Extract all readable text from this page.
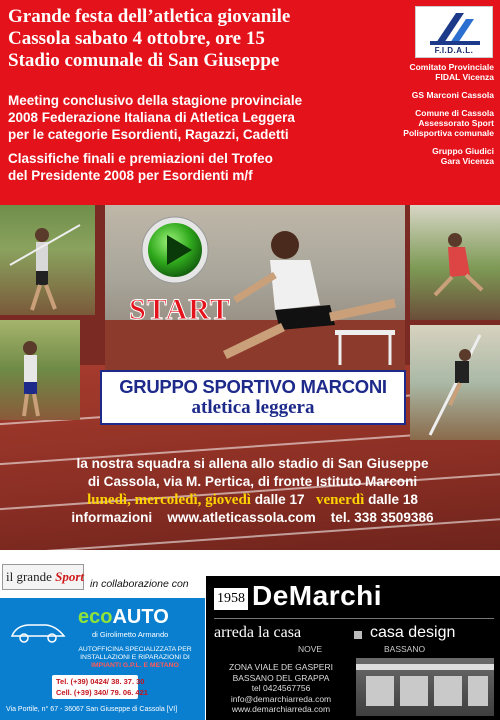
Grande festa dell’atletica giovanile
Cassola sabato 4 ottobre, ore 15
Stadio comunale di San Giuseppe
Meeting conclusivo della stagione provinciale
2008 Federazione Italiana di Atletica Leggera
per le categorie Esordienti, Ragazzi, Cadetti
Classifiche finali e premiazioni del Trofeo
del Presidente 2008 per Esordienti m/f
F.I.D.A.L.
Comitato Provinciale
FIDAL Vicenza
GS Marconi Cassola
Comune di Cassola
Assessorato Sport
Polisportiva comunale
Gruppo Giudici
Gara Vicenza
START
GRUPPO SPORTIVO MARCONI
atletica leggera
la nostra squadra si allena allo stadio di San Giuseppe
di Cassola, via M. Pertica, di fronte Istituto Marconi
lunedì, mercoledì, giovedì dalle 17 venerdì dalle 18
informazioni www.atleticassola.com tel. 338 3509386
il grande Sport in collaborazione con
ecoAUTO
di Girolimetto Armando
AUTOFFICINA SPECIALIZZATA PER
INSTALLAZIONI E RIPARAZIONI DI
IMPIANTI G.P.L. E METANO
Tel. (+39) 0424/ 38. 37. 30
Cell. (+39) 340/ 79. 06. 421
Via Portile, n° 67 - 36067 San Giuseppe di Cassola [VI]
1958 DeMarchi
arreda la casa	casa design
NOVE	BASSANO
ZONA VIALE DE GASPERI
BASSANO DEL GRAPPA
tel 0424567756
info@demarchiarreda.com
www.demarchiarreda.com
